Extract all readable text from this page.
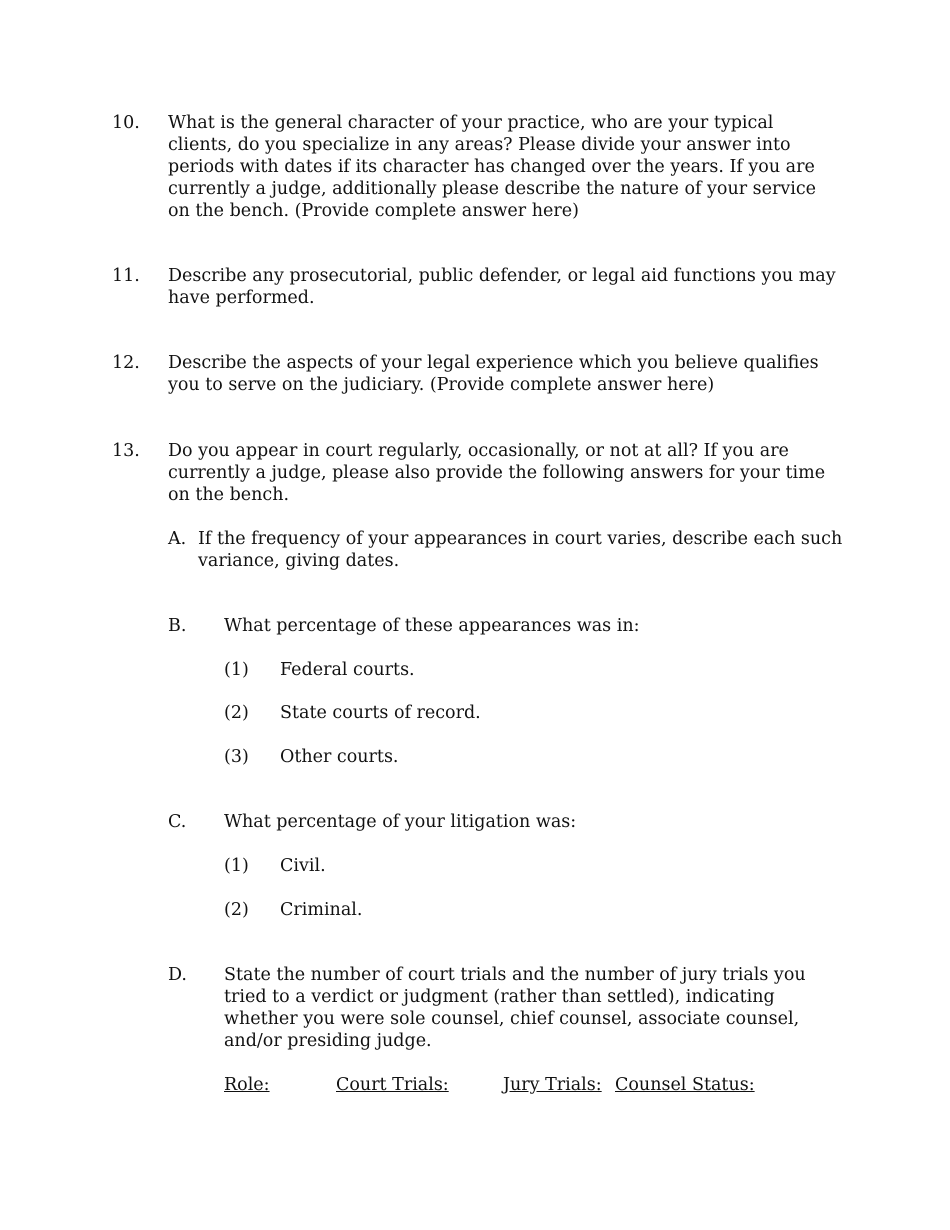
10. What is the general character of your practice, who are your typical clients, do you specialize in any areas? Please divide your answer into periods with dates if its character has changed over the years. If you are currently a judge, additionally please describe the nature of your service on the bench. (Provide complete answer here)
11. Describe any prosecutorial, public defender, or legal aid functions you may have performed.
12. Describe the aspects of your legal experience which you believe qualifies you to serve on the judiciary. (Provide complete answer here)
13. Do you appear in court regularly, occasionally, or not at all? If you are currently a judge, please also provide the following answers for your time on the bench.
A. If the frequency of your appearances in court varies, describe each such variance, giving dates.
B. What percentage of these appearances was in:
(1) Federal courts.
(2) State courts of record.
(3) Other courts.
C. What percentage of your litigation was:
(1) Civil.
(2) Criminal.
D. State the number of court trials and the number of jury trials you tried to a verdict or judgment (rather than settled), indicating whether you were sole counsel, chief counsel, associate counsel, and/or presiding judge.
Role:	Court Trials:	Jury Trials: Counsel Status:
